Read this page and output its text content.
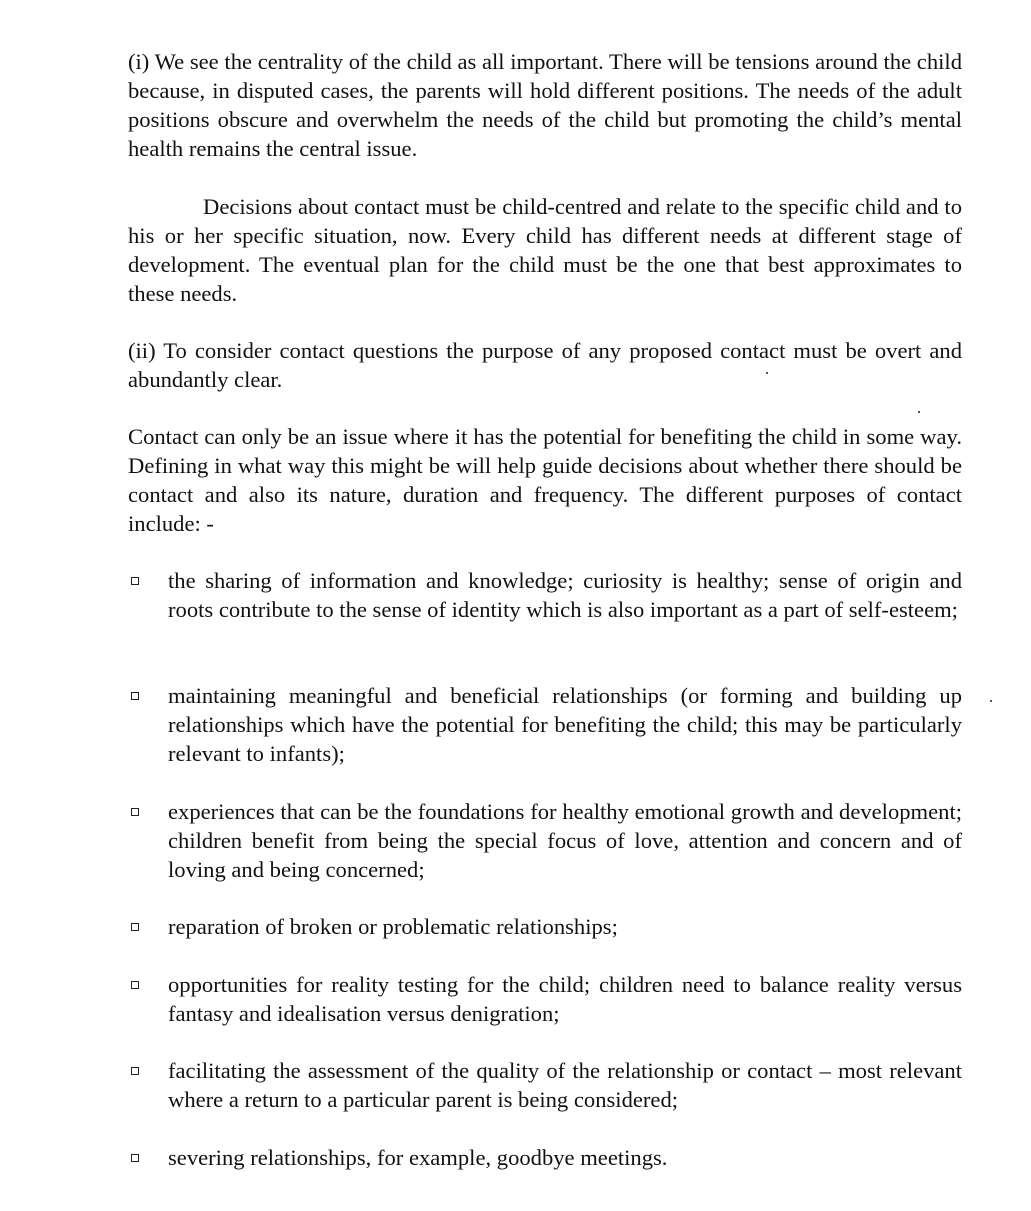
(i) We see the centrality of the child as all important. There will be tensions around the child because, in disputed cases, the parents will hold different positions. The needs of the adult positions obscure and overwhelm the needs of the child but promoting the child’s mental health remains the central issue.

Decisions about contact must be child-centred and relate to the specific child and to his or her specific situation, now. Every child has different needs at different stage of development. The eventual plan for the child must be the one that best approximates to these needs.

(ii) To consider contact questions the purpose of any proposed contact must be overt and abundantly clear.

Contact can only be an issue where it has the potential for benefiting the child in some way. Defining in what way this might be will help guide decisions about whether there should be contact and also its nature, duration and frequency. The different purposes of contact include: -

the sharing of information and knowledge; curiosity is healthy; sense of origin and roots contribute to the sense of identity which is also important as a part of self-esteem;

maintaining meaningful and beneficial relationships (or forming and building up relationships which have the potential for benefiting the child; this may be particularly relevant to infants);

experiences that can be the foundations for healthy emotional growth and development; children benefit from being the special focus of love, attention and concern and of loving and being concerned;

reparation of broken or problematic relationships;

opportunities for reality testing for the child; children need to balance reality versus fantasy and idealisation versus denigration;

facilitating the assessment of the quality of the relationship or contact – most relevant where a return to a particular parent is being considered;

severing relationships, for example, goodbye meetings.
